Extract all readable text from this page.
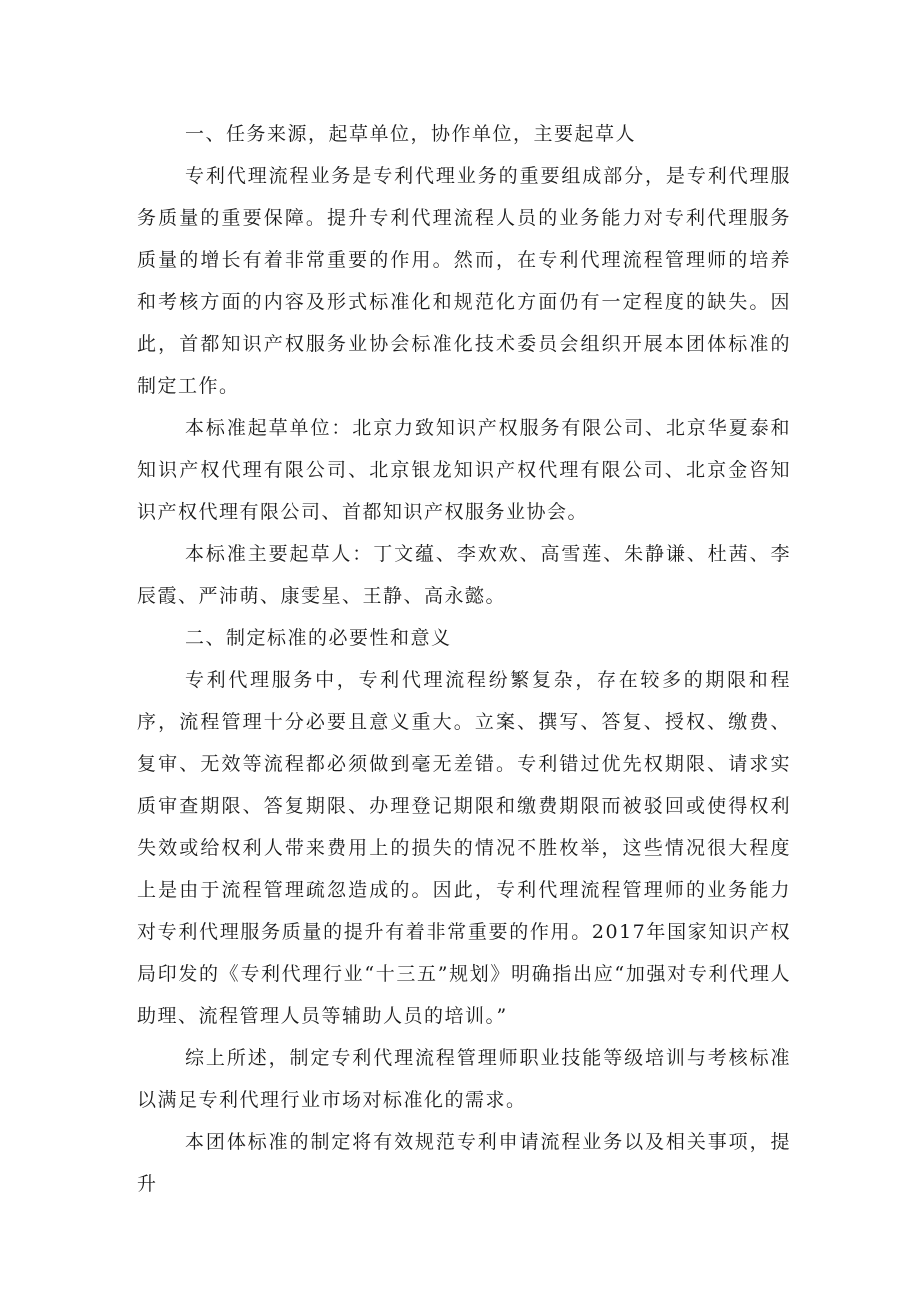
一、任务来源，起草单位，协作单位，主要起草人

专利代理流程业务是专利代理业务的重要组成部分，是专利代理服务质量的重要保障。提升专利代理流程人员的业务能力对专利代理服务质量的增长有着非常重要的作用。然而，在专利代理流程管理师的培养和考核方面的内容及形式标准化和规范化方面仍有一定程度的缺失。因此，首都知识产权服务业协会标准化技术委员会组织开展本团体标准的制定工作。

本标准起草单位：北京力致知识产权服务有限公司、北京华夏泰和知识产权代理有限公司、北京银龙知识产权代理有限公司、北京金咨知识产权代理有限公司、首都知识产权服务业协会。

本标准主要起草人：丁文蕴、李欢欢、高雪莲、朱静谦、杜茜、李辰霞、严沛萌、康雯星、王静、高永懿。

二、制定标准的必要性和意义

专利代理服务中，专利代理流程纷繁复杂，存在较多的期限和程序，流程管理十分必要且意义重大。立案、撰写、答复、授权、缴费、复审、无效等流程都必须做到毫无差错。专利错过优先权期限、请求实质审查期限、答复期限、办理登记期限和缴费期限而被驳回或使得权利失效或给权利人带来费用上的损失的情况不胜枚举，这些情况很大程度上是由于流程管理疏忽造成的。因此，专利代理流程管理师的业务能力对专利代理服务质量的提升有着非常重要的作用。2017年国家知识产权局印发的《专利代理行业“十三五”规划》明确指出应“加强对专利代理人助理、流程管理人员等辅助人员的培训。”

综上所述，制定专利代理流程管理师职业技能等级培训与考核标准以满足专利代理行业市场对标准化的需求。

本团体标准的制定将有效规范专利申请流程业务以及相关事项，提升
